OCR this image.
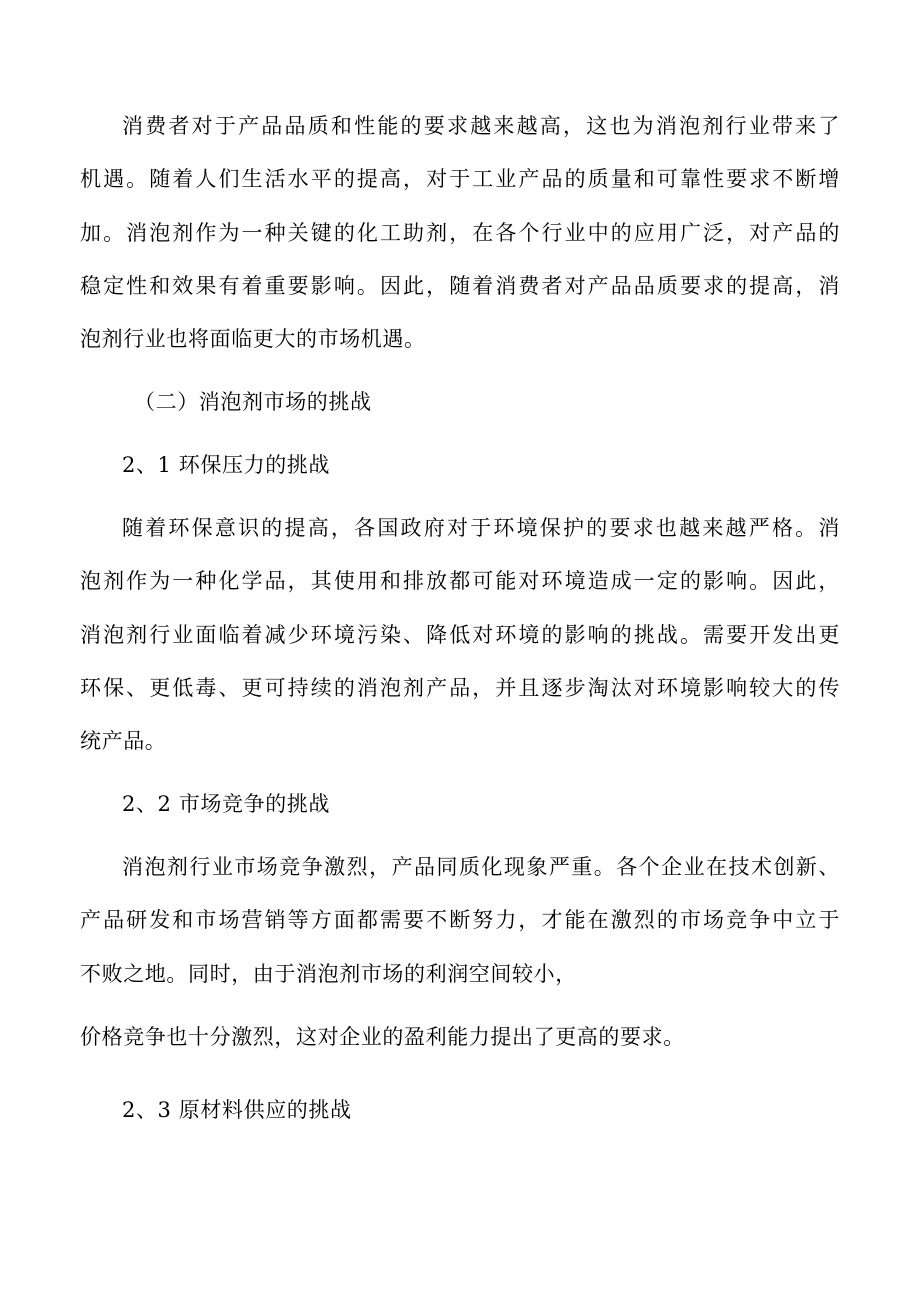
消费者对于产品品质和性能的要求越来越高，这也为消泡剂行业带来了
机遇。随着人们生活水平的提高，对于工业产品的质量和可靠性要求不断增
加。消泡剂作为一种关键的化工助剂，在各个行业中的应用广泛，对产品的
稳定性和效果有着重要影响。因此，随着消费者对产品品质要求的提高，消
泡剂行业也将面临更大的市场机遇。
（二）消泡剂市场的挑战
2、1 环保压力的挑战
随着环保意识的提高，各国政府对于环境保护的要求也越来越严格。消
泡剂作为一种化学品，其使用和排放都可能对环境造成一定的影响。因此，
消泡剂行业面临着减少环境污染、降低对环境的影响的挑战。需要开发出更
环保、更低毒、更可持续的消泡剂产品，并且逐步淘汰对环境影响较大的传
统产品。
2、2 市场竞争的挑战
消泡剂行业市场竞争激烈，产品同质化现象严重。各个企业在技术创新、
产品研发和市场营销等方面都需要不断努力，才能在激烈的市场竞争中立于
不败之地。同时，由于消泡剂市场的利润空间较小，
价格竞争也十分激烈，这对企业的盈利能力提出了更高的要求。
2、3 原材料供应的挑战
